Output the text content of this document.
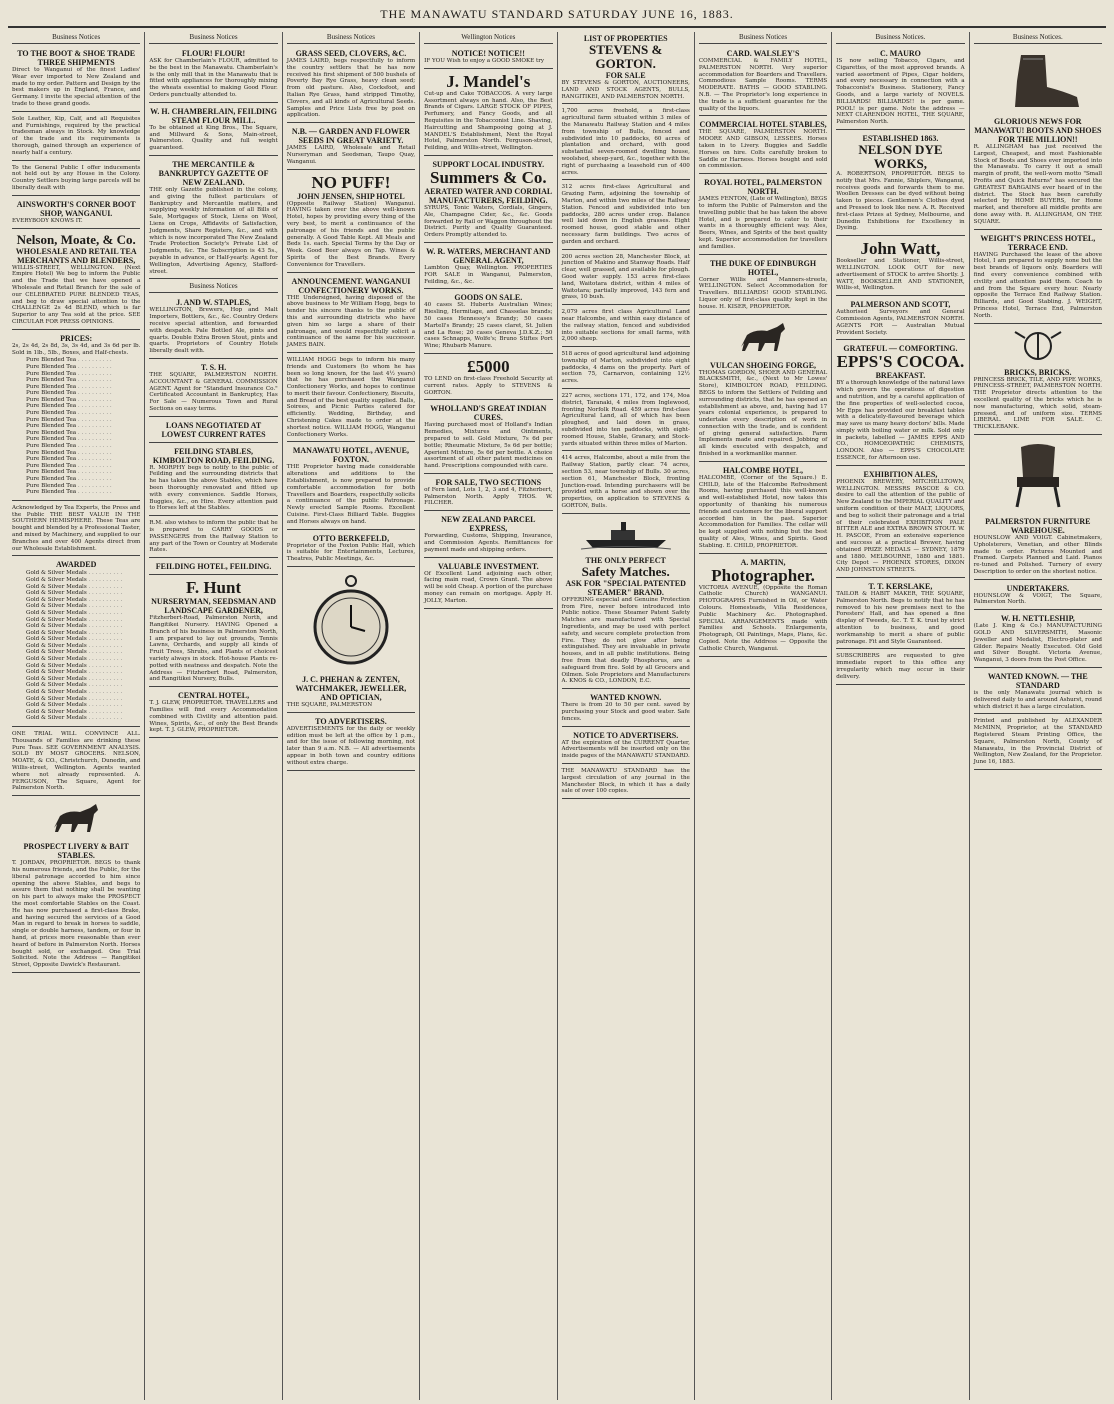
THE MANAWATU STANDARD SATURDAY JUNE 16, 1883.
Business Notices
TO THE BOOT & SHOE TRADE
THREE SHIPMENTS
Direct to Wanganui of the finest Ladies' Wear ever imported to New Zealand and made to my order. Pattern and Design by the best makers up in England, France, and Germany. I invite the special attention of the trade to these grand goods.
Sole Leather, Kip, Calf, and all Requisites and Furnishings, required by the practical tradesman always in Stock. My knowledge of the trade and its requirements is thorough, gained through an experience of nearly half a century.
To the General Public I offer inducements not held out by any House in the Colony. Country Settlers buying large parcels will be liberally dealt with
AINSWORTH'S CORNER BOOT SHOP, WANGANUI.
EVERYBODY KNOWS IT.
Nelson, Moate, & Co.
WHOLESALE AND RETAIL TEA MERCHANTS AND BLENDERS,
WILLIS-STREET, WELLINGTON. (Next Empire Hotel) We beg to inform the Public and the Trade that we have opened a Wholesale and Retail Branch for the sale of our CELEBRATED PURE BLENDED TEAS, and beg to draw special attention to the CHALLENGE 2s 4d BLEND, which is far Superior to any Tea sold at the price. SEE CIRCULAR FOR PRESS OPINIONS.
PRICES:
2s, 2s 4d, 2s 8d, 3s, 3s 4d, and 3s 6d per lb. Sold in 1lb., 5lb., Boxes, and Half-chests.
Pure Blended Tea . . .
Pure Blended Tea . . .
Pure Blended Tea . . .
Pure Blended Tea . . .
Pure Blended Tea . . .
Pure Blended Tea . . .
Pure Blended Tea . . .
Pure Blended Tea . . .
Pure Blended Tea . . .
Pure Blended Tea . . .
Pure Blended Tea . . .
Pure Blended Tea . . .
Pure Blended Tea . . .
Pure Blended Tea . . .
Pure Blended Tea . . .
Pure Blended Tea . . .
Pure Blended Tea . . .
Pure Blended Tea . . .
Pure Blended Tea . . .
Pure Blended Tea . . .
Pure Blended Tea . . .
Acknowledged by Tea Experts, the Press and the Public THE BEST VALUE IN THE SOUTHERN HEMISPHERE. These Teas are bought and blended by a Professional Taster, and mixed by Machinery, and supplied to our Branches and over 400 Agents direct from our Wholesale Establishment.
AWARDED
Gold & Silver Medals . . .
Gold & Silver Medals . . .
Gold & Silver Medals . . .
Gold & Silver Medals . . .
Gold & Silver Medals . . .
Gold & Silver Medals . . .
Gold & Silver Medals . . .
Gold & Silver Medals . . .
Gold & Silver Medals . . .
Gold & Silver Medals . . .
Gold & Silver Medals . . .
Gold & Silver Medals . . .
Gold & Silver Medals . . .
Gold & Silver Medals . . .
Gold & Silver Medals . . .
Gold & Silver Medals . . .
Gold & Silver Medals . . .
Gold & Silver Medals . . .
Gold & Silver Medals . . .
Gold & Silver Medals . . .
Gold & Silver Medals . . .
Gold & Silver Medals . . .
Gold & Silver Medals . . .
ONE TRIAL WILL CONVINCE ALL. Thousands of Families are drinking these Pure Teas. SEE GOVERNMENT ANALYSIS. SOLD BY MOST GROCERS. NELSON, MOATE, & CO., Christchurch, Dunedin, and Willis-street, Wellington. Agents wanted where not already represented. A. FERGUSON, The Square, Agent for Palmerston North.
PROSPECT LIVERY & BAIT STABLES.
T. JORDAN, PROPRIETOR. BEGS to thank his numerous friends, and the Public, for the liberal patronage accorded to him since opening the above Stables, and begs to assure them that nothing shall be wanting on his part to always make the PROSPECT the most comfortable Stables on the Coast. He has now purchased a first-class Brake, and having secured the services of a Good Man in regard to break in horses to saddle, single or double harness, tandem, or four in hand, at prices more reasonable than ever heard of before in Palmerston North. Horses bought sold, or exchanged. One Trial Solicited. Note the Address — Rangitikei Street, Opposite Dawick's Restaurant.
Business Notices
FLOUR! FLOUR!
ASK for Chamberlain's FLOUR, admitted to be the best in the Manawatu. Chamberlain's is the only mill that in the Manawatu that is fitted with appliances for thoroughly mixing the wheats essential to making Good Flour. Orders punctually attended to.
W. H. CHAMBERLAIN, FEILDING STEAM FLOUR MILL.
To be obtained at King Bros., The Square, and Millward & Sons, Main-street, Palmerston. Quality and full weight guaranteed.
THE MERCANTILE & BANKRUPTCY GAZETTE OF NEW ZEALAND.
THE only Gazette published in the colony, and giving the fullest particulars of Bankruptcy and Mercantile matters, and supplying weekly information of all Bills of Sale, Mortgages of Stock, Liens on Wool, Liens on Crops, Affidavits of Satisfaction, Judgments, Share Registers, &c., and with which is now incorporated The New Zealand Trade Protection Society's Private List of Judgments, &c. The Subscription is 43 5s., payable in advance, or Half-yearly. Agent for Wellington, Advertising Agency, Stafford-street.
Business Notices
J. AND W. STAPLES,
WELLINGTON, Brewers, Hop and Malt Importers, Bottlers, &c., &c. Country Orders receive special attention, and forwarded with despatch. Pale Bottled Ale, pints and quarts. Double Extra Brown Stout, pints and quarts. Proprietors of Country Hotels liberally dealt with.
T. S. H.
THE SQUARE, PALMERSTON NORTH. ACCOUNTANT & GENERAL COMMISSION AGENT. Agent for "Standard Insurance Co." Certificated Accountant in Bankruptcy, Has For Sale — Numerous Town and Rural Sections on easy terms.
LOANS NEGOTIATED AT LOWEST CURRENT RATES
FEILDING STABLES, KIMBOLTON ROAD, FEILDING.
R. MORPHY begs to notify to the public of Feilding and the surrounding districts that he has taken the above Stables, which have been thoroughly renovated and fitted up with every convenience. Saddle Horses, Buggies, &c., on Hire. Every attention paid to Horses left at the Stables.
R.M. also wishes to inform the public that he is prepared to CARRY GOODS or PASSENGERS from the Railway Station to any part of the Town or Country at Moderate Rates.
FEILDING HOTEL, FEILDING.
F. Hunt
NURSERYMAN, SEEDSMAN AND LANDSCAPE GARDENER,
Fitzherbert-Road, Palmerston North, and Rangitikei Nursery. HAVING Opened a Branch of his business in Palmerston North, I am prepared to lay out grounds, Tennis Lawns, Orchards, and supply all kinds of Fruit Trees, Shrubs, and Plants of choicest variety always in stock. Hot-house Plants re-potted with neatness and despatch. Note the Address — Fitzherbert Road, Palmerston, and Rangitikei Nursery, Bulls.
CENTRAL HOTEL,
T. J. GLEW, PROPRIETOR. TRAVELLERS and Families will find every Accommodation combined with Civility and attention paid. Wines, Spirits, &c., of only the Best Brands kept. T. J. GLEW, PROPRIETOR.
Business Notices
GRASS SEED, CLOVERS, &C.
JAMES LAIRD, begs respectfully to inform the country settlers that he has now received his first shipment of 500 bushels of Poverty Bay Rye Grass, heavy clean seed; from old pasture. Also, Cocksfoot, and Italian Rye Grass, hand stripped Timothy, Clovers, and all kinds of Agricultural Seeds. Samples and Price Lists free by post on application.
N.B. — GARDEN AND FLOWER SEEDS IN GREAT VARIETY.
JAMES LAIRD, Wholesale and Retail Nurseryman and Seedsman, Taupo Quay, Wanganui.
NO PUFF!
JOHN JENSEN, SHIP HOTEL
(Opposite Railway Station) Wanganui. HAVING taken over the above well-known Hotel, hopes by providing every thing of the very best, to merit a continuance of the patronage of his friends and the public generally. A Good Table Kept. All Meals and Beds 1s. each. Special Terms by the Day or Week. Good Beer always on Tap. Wines & Spirits of the Best Brands. Every Convenience for Travellers.
ANNOUNCEMENT. WANGANUI CONFECTIONERY WORKS.
THE Undersigned, having disposed of the above business to Mr William Hogg, begs to tender his sincere thanks to the public of this and surrounding districts who have given him so large a share of their patronage, and would respectfully solicit a continuance of the same for his successor. JAMES BAIN.
WILLIAM HOGG begs to inform his many friends and Customers (to whom he has been so long known, for the last 4½ years) that he has purchased the Wanganui Confectionery Works, and hopes to continue to merit their favour. Confectionery, Biscuits, and Bread of the best quality supplied. Balls, Soirees, and Picnic Parties catered for efficiently. Wedding, Birthday, and Christening Cakes made to order at the shortest notice. WILLIAM HOGG, Wanganui Confectionery Works.
MANAWATU HOTEL, AVENUE, FOXTON.
THE Proprietor having made considerable alterations and additions to the Establishment, is now prepared to provide comfortable accommodation for both Travellers and Boarders, respectfully solicits a continuance of the public Patronage. Newly erected Sample Rooms. Excellent Cuisine. First-Class Billiard Table. Buggies and Horses always on hand.
OTTO BERKEFELD,
Proprietor of the Foxton Public Hall, which is suitable for Entertainments, Lectures, Theatres, Public Meetings, &c.
J. C. PHEHAN & ZENTEN, WATCHMAKER, JEWELLER, AND OPTICIAN,
THE SQUARE, PALMERSTON
TO ADVERTISERS.
ADVERTISEMENTS for the daily or weekly edition must be left at the office by 1 p.m., and for the issue of following morning, not later than 9 a.m. N.B. — All advertisements appear in both town and country editions without extra charge.
Wellington Notices
NOTICE! NOTICE!!
IF YOU Wish to enjoy a GOOD SMOKE try
J. Mandel's
Cut-up and Cake TOBACCOS. A very large Assortment always on hand. Also, the Best Brands of Cigars. LARGE STOCK OF PIPES, Perfumery, and Fancy Goods, and all Requisites in the Tobacconist Line. Shaving, Haircutting and Shampooing going at J. MANDEL'S Establishment, Next the Royal Hotel, Palmerston North. Ferguson-street, Feilding, and Willis-street, Wellington.
SUPPORT LOCAL INDUSTRY.
Summers & Co.
AERATED WATER AND CORDIAL MANUFACTURERS, FEILDING.
SYRUPS, Tonic Waters, Cordials, Gingers, Ale, Champagne Cider, &c., &c. Goods forwarded by Rail or Waggon throughout the District. Purity and Quality Guaranteed. Orders Promptly attended to.
W. R. WATERS, MERCHANT AND GENERAL AGENT,
Lambton Quay, Wellington. PROPERTIES FOR SALE in Wanganui, Palmerston, Feilding, &c., &c.
GOODS ON SALE.
40 cases St. Huberts Australian Wines; Riesling, Hermitage, and Chasselas brands; 50 cases Hennessy's Brandy; 50 cases Martell's Brandy; 25 cases claret, St. Julien and La Rose; 20 cases Geneva J.D.K.Z.; 50 cases Schnapps, Wolfe's; Bruno Stiftes Port Wine; Rhubarb Manure.
£5000
TO LEND on first-class Freehold Security at current rates. Apply to STEVENS & GORTON.
WHOLLAND'S GREAT INDIAN CURES.
Having purchased most of Holland's Indian Remedies, Mixtures and Ointments, prepared to sell. Gold Mixture, 7s 6d per bottle; Rheumatic Mixture, 5s 6d per bottle; Aperient Mixture, 5s 6d per bottle. A choice assortment of all other patent medicines on hand. Prescriptions compounded with care.
FOR SALE, TWO SECTIONS
of Fern land, Lots 1, 2, 3 and 4, Fitzherbert, Palmerston North. Apply THOS. W. FILCHER.
NEW ZEALAND PARCEL EXPRESS,
Forwarding, Customs, Shipping, Insurance, and Commission Agents. Remittances for payment made and shipping orders.
VALUABLE INVESTMENT.
Of Excellent Land adjoining each other, facing main road, Crown Grant. The above will be sold Cheap. A portion of the purchase money can remain on mortgage. Apply H. JOLLY, Marton.
LIST OF PROPERTIES
STEVENS & GORTON.
FOR SALE
BY STEVENS & GORTON, AUCTIONEERS, LAND AND STOCK AGENTS, BULLS, RANGITIKEI, AND PALMERSTON NORTH.
1,700 acres freehold, a first-class agricultural farm situated within 3 miles of the Manawatu Railway Station and 4 miles from township of Bulls, fenced and subdivided into 10 paddocks, 60 acres of plantation and orchard, with good substantial seven-roomed dwelling house, woolshed, sheep-yard, &c., together with the right of purchasing a leasehold run of 400 acres.
312 acres first-class Agricultural and Grazing Farm, adjoining the township of Marton, and within two miles of the Railway Station. Fenced and subdivided into ten paddocks, 280 acres under crop. Balance well laid down in English grasses. Eight roomed house, good stable and other necessary farm buildings. Two acres of garden and orchard.
200 acres section 28, Manchester Block, at junction of Makino and Stanway Roads. Half clear, well grassed, and available for plough. Good water supply. 153 acres first-class land, Waitotara district, within 4 miles of Waitotara; partially improved, 143 fern and grass, 10 bush.
2,079 acres first class Agricultural Land near Halcombe, and within easy distance of the railway station, fenced and subdivided into suitable sections for small farms, with 2,000 sheep.
518 acres of good agricultural land adjoining township of Marton, subdivided into eight paddocks, 4 dams on the property. Part of section 75, Carnarvon, containing 12½ acres.
227 acres, sections 171, 172, and 174, Moa district, Taranaki, 4 miles from Inglewood, fronting Norfolk Road. 459 acres first-class Agricultural Land, all of which has been ploughed, and laid down in grass, subdivided into ten paddocks, with eight-roomed House, Stable, Granary, and Stock-yards situated within three miles of Marton.
414 acres, Halcombe, about a mile from the Railway Station, partly clear. 74 acres, section 53, near township of Bulls. 30 acres, section 61, Manchester Block, fronting Junction-road. Intending purchasers will be provided with a horse and shown over the properties, on application to STEVENS & GORTON, Bulls.
THE ONLY PERFECT
Safety Matches.
ASK FOR "SPECIAL PATENTED STEAMER" BRAND.
OFFERING especial and Genuine Protection from Fire, never before introduced into Public notice. These Steamer Patent Safety Matches are manufactured with Special Ingredients, and may be used with perfect safety, and secure complete protection from Fire. They do not glow after being extinguished. They are invaluable in private houses, and in all public institutions. Being free from that deadly Phosphorus, are a safeguard from fire. Sold by all Grocers and Oilmen. Sole Proprietors and Manufacturers A. KNOS & CO., LONDON, E.C.
WANTED KNOWN.
There is from 20 to 50 per cent. saved by purchasing your Stock and good water. Safe fences.
NOTICE TO ADVERTISERS.
AT the expiration of the CURRENT Quarter, Advertisements will be inserted only on the inside pages of the MANAWATU STANDARD.
THE MANAWATU STANDARD has the largest circulation of any journal in the Manchester Block, in which it has a daily sale of over 100 copies.
Business Notices
CARD. WALSLEY'S
COMMERCIAL & FAMILY HOTEL, PALMERSTON NORTH. Very superior accommodation for Boarders and Travellers. Commodious Sample Rooms. TERMS MODERATE. BATHS — GOOD STABLING. N.B. — The Proprietor's long experience in the trade is a sufficient guarantee for the quality of the liquors.
COMMERCIAL HOTEL STABLES,
THE SQUARE, PALMERSTON NORTH. MOORE AND GIBSON, LESSEES. Horses taken in to Livery. Buggies and Saddle Horses on hire. Colts carefully broken to Saddle or Harness. Horses bought and sold on commission.
ROYAL HOTEL, PALMERSTON NORTH.
JAMES FENTON, (Late of Wellington), BEGS to inform the Public of Palmerston and the travelling public that he has taken the above Hotel, and is prepared to cater to their wants in a thoroughly efficient way. Ales, Beers, Wines, and Spirits of the best quality kept. Superior accommodation for travellers and families.
THE DUKE OF EDINBURGH HOTEL,
Corner Willis and Manners-streets, WELLINGTON. Select Accommodation for Travellers. BILLIARDS! GOOD STABLING. Liquor only of first-class quality kept in the house. H. KISER, PROPRIETOR.
VULCAN SHOEING FORGE,
THOMAS GORDON, SHOER AND GENERAL BLACKSMITH, &c., (Next to Mr Lowes' Store), KIMBOLTON ROAD, FEILDING. BEGS to inform the Settlers of Feilding and surrounding districts, that he has opened an establishment as above, and, having had 17 years colonial experience, is prepared to undertake every description of work in connection with the trade, and is confident of giving general satisfaction. Farm Implements made and repaired. Jobbing of all kinds executed with despatch, and finished in a workmanlike manner.
HALCOMBE HOTEL,
HALCOMBE, (Corner of the Square.) E. CHILD, late of the Halcombe Refreshment Rooms, having purchased this well-known and well-established Hotel, now takes this opportunity of thanking his numerous friends and customers for the liberal support accorded him in the past. Superior Accommodation for Families. The cellar will be kept supplied with nothing but the best quality of Ales, Wines, and Spirits. Good Stabling. E. CHILD, PROPRIETOR.
A. MARTIN,
Photographer.
VICTORIA AVENUE, (Opposite the Roman Catholic Church) WANGANUI. PHOTOGRAPHS Furnished in Oil, or Water Colours. Homesteads, Villa Residences, Public Machinery &c. Photographed. SPECIAL ARRANGEMENTS made with Families and Schools. Enlargements, Photograph, Oil Paintings, Maps, Plans, &c. Copied. Note the Address — Opposite the Catholic Church, Wanganui.
Business Notices.
C. MAURO
IS now selling Tobacco, Cigars, and Cigarettes, of the most approved brands. A varied assortment of Pipes, Cigar holders, and every necessary in connection with a Tobacconist's Business. Stationery, Fancy Goods, and a large variety of NOVELS. BILLIARDS! BILLIARDS!! is per game. POOL! is per game. Note the address — NEXT CLARENDON HOTEL, THE SQUARE, Palmerston North.
ESTABLISHED 1863.
NELSON DYE WORKS,
A. ROBERTSON, PROPRIETOR. BEGS to notify that Mrs. Fannie, Shiplers, Wanganui, receives goods and forwards them to me. Woollen Dresses can be dyed without being taken to pieces. Gentlemen's Clothes dyed and Pressed to look like new. A. R. Received first-class Prizes at Sydney, Melbourne, and Dunedin Exhibitions for Excellency in Dyeing.
John Watt,
Bookseller and Stationer, Willis-street, WELLINGTON. LOOK OUT for new advertisement of STOCK to arrive Shortly. J. WATT, BOOKSELLER AND STATIONER, Willis-st, Wellington.
PALMERSON AND SCOTT,
Authorised Surveyors and General Commission Agents, PALMERSTON NORTH. AGENTS FOR — Australian Mutual Provident Society.
GRATEFUL — COMFORTING.
EPPS'S COCOA.
BREAKFAST.
BY a thorough knowledge of the natural laws which govern the operations of digestion and nutrition, and by a careful application of the fine properties of well-selected cocoa, Mr Epps has provided our breakfast tables with a delicately-flavoured beverage which may save us many heavy doctors' bills. Made simply with boiling water or milk. Sold only in packets, labelled — JAMES EPPS AND CO., HOMOEOPATHIC CHEMISTS, LONDON. Also — EPPS'S CHOCOLATE ESSENCE, for Afternoon use.
EXHIBITION ALES,
PHOENIX BREWERY, MITCHELLTOWN, WELLINGTON. MESSRS PASCOE & CO. desire to call the attention of the public of New Zealand to the IMPERIAL QUALITY and uniform condition of their MALT, LIQUORS, and beg to solicit their patronage and a trial of their celebrated EXHIBITION PALE BITTER ALE and EXTRA BROWN STOUT. W. H. PASCOE, From an extensive experience and success at a practical Brewer, having obtained PRIZE MEDALS — SYDNEY, 1879 and 1880. MELBOURNE, 1880 and 1881. City Depot — PHOENIX STORES, DIXON AND JOHNSTON STREETS.
T. T. KERSLAKE,
TAILOR & HABIT MAKER, THE SQUARE, Palmerston North. Begs to notify that he has removed to his new premises next to the Foresters' Hall, and has opened a fine display of Tweeds, &c. T. T. K. trust by strict attention to business, and good workmanship to merit a share of public patronage. Fit and Style Guaranteed.
SUBSCRIBERS are requested to give immediate report to this office any irregularity which may occur in their delivery.
Business Notices.
GLORIOUS NEWS FOR MANAWATU! BOOTS AND SHOES FOR THE MILLION!!
R. ALLINGHAM has just received the Largest, Cheapest, and most Fashionable Stock of Boots and Shoes ever imported into the Manawatu. To carry it out a small margin of profit, the well-worn motto "Small Profits and Quick Returns" has secured the GREATEST BARGAINS ever heard of in the district. The Stock has been carefully selected by HOME BUYERS, for Home market, and therefore all middle profits are done away with. R. ALLINGHAM, ON THE SQUARE.
WEIGHT'S PRINCESS HOTEL, TERRACE END.
HAVING Purchased the lease of the above Hotel, I am prepared to supply none but the best brands of liquors only. Boarders will find every convenience combined with civility and attention paid them. Coach to and from the Square every hour. Nearly opposite the Terrace End Railway Station. Billiards, and Good Stabling. J. WEIGHT, Princess Hotel, Terrace End, Palmerston North.
BRICKS, BRICKS.
PRINCESS BRICK, TILE, AND PIPE WORKS, PRINCESS-STREET, PALMERSTON NORTH. THE Proprietor directs attention to the excellent quality of the bricks which he is now manufacturing, which solid, steam-pressed, and of uniform size. TERMS LIBERAL. LIME FOR SALE. C. TRICKLEBANK.
PALMERSTON FURNITURE WAREHOUSE.
HOUNSLOW AND VOIGT. Cabinetmakers, Upholsterers, Venetian, and other Blinds made to order. Pictures Mounted and Framed. Carpets Planned and Laid. Pianos re-tuned and Polished. Turnery of every Description to order on the shortest notice.
UNDERTAKERS.
HOUNSLOW & VOIGT, The Square, Palmerston North.
W. H. NETTLESHIP,
(Late J. King & Co.) MANUFACTURING GOLD AND SILVERSMITH, Masonic Jeweller and Medalist, Electro-plater and Gilder. Repairs Neatly Executed. Old Gold and Silver Bought. Victoria Avenue, Wanganui, 3 doors from the Post Office.
WANTED KNOWN. — THE STANDARD
is the only Manawatu journal which is delivered daily to and around Ashurst, round which district it has a large circulation.
Printed and published by ALEXANDER McMINN, Proprietor, at the STANDARD Registered Steam Printing Office, the Square, Palmerston North, County of Manawatu, in the Provincial District of Wellington, New Zealand, for the Proprietor. June 16, 1883.
